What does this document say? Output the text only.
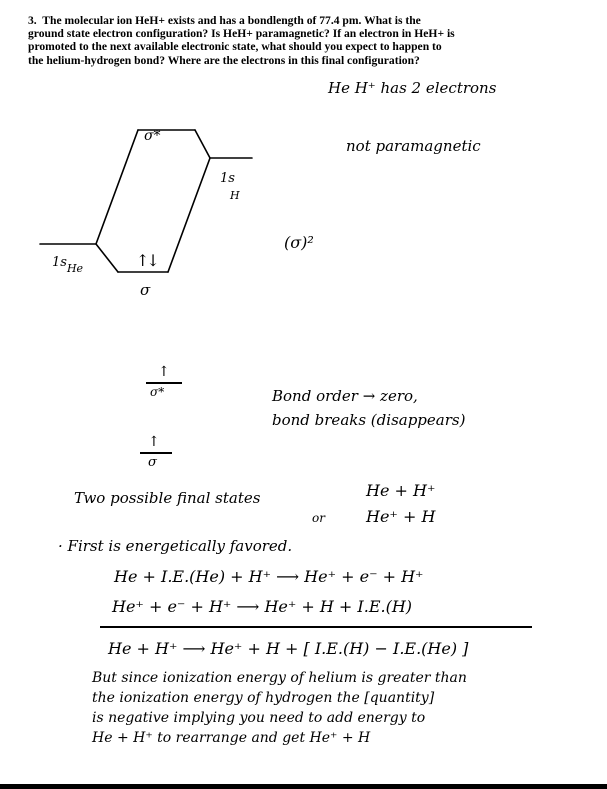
3. The molecular ion HeH+ exists and has a bondlength of 77.4 pm. What is the
ground state electron configuration? Is HeH+ paramagnetic? If an electron in HeH+ is
promoted to the next available electronic state, what should you expect to happen to
the helium-hydrogen bond? Where are the electrons in this final configuration?
He H⁺ has 2 electrons
σ*
1s
H
$1s_{He}$	↑↓
σ
not paramagnetic
(σ)²
↑
σ*
↑
σ
Bond order → zero,
bond breaks (disappears)
Two possible final states	He + H⁺
or	He⁺ + H
· First is energetically favored.
He + I.E.(He) + H⁺ ⟶ He⁺ + e⁻ + H⁺
He⁺ + e⁻ + H⁺ ⟶ He⁺ + H + I.E.(H)
He + H⁺ ⟶ He⁺ + H + [ I.E.(H) − I.E.(He) ]
But since ionization energy of helium is greater than
the ionization energy of hydrogen the [quantity]
is negative implying you need to add energy to
He + H⁺ to rearrange and get He⁺ + H
